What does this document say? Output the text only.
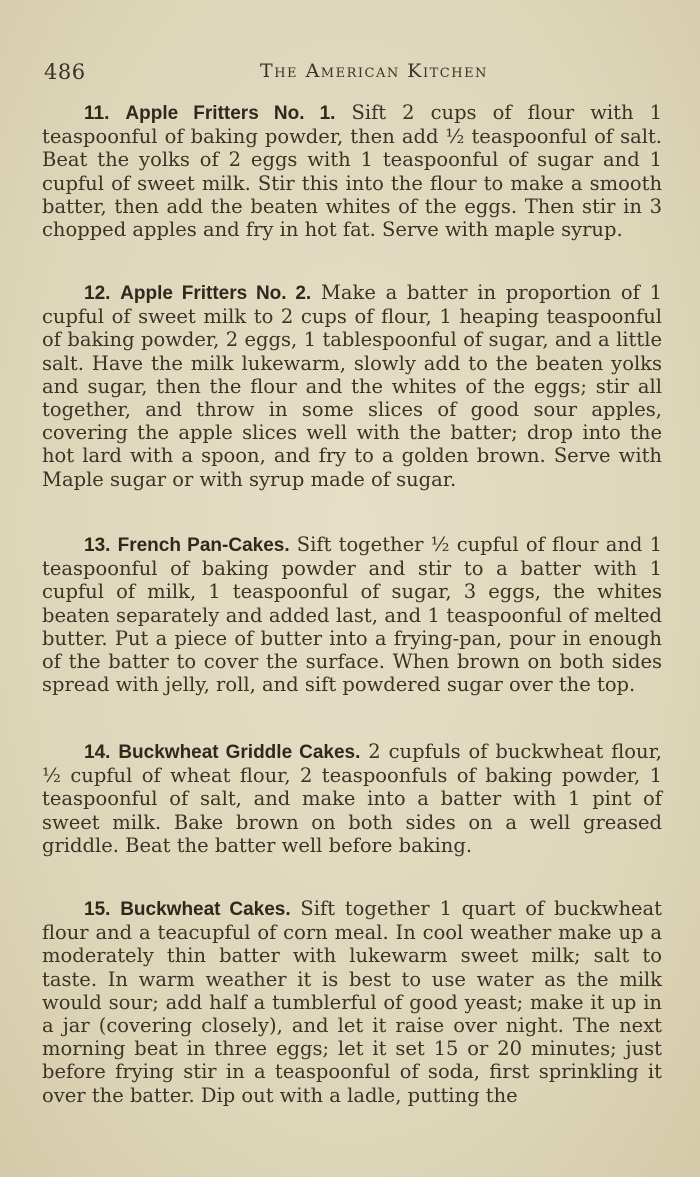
486	The American Kitchen

11. Apple Fritters No. 1. Sift 2 cups of flour with 1 teaspoonful of baking powder, then add ½ teaspoonful of salt. Beat the yolks of 2 eggs with 1 teaspoonful of sugar and 1 cupful of sweet milk. Stir this into the flour to make a smooth batter, then add the beaten whites of the eggs. Then stir in 3 chopped apples and fry in hot fat. Serve with maple syrup.

12. Apple Fritters No. 2. Make a batter in proportion of 1 cupful of sweet milk to 2 cups of flour, 1 heaping teaspoonful of baking powder, 2 eggs, 1 tablespoonful of sugar, and a little salt. Have the milk lukewarm, slowly add to the beaten yolks and sugar, then the flour and the whites of the eggs; stir all together, and throw in some slices of good sour apples, covering the apple slices well with the batter; drop into the hot lard with a spoon, and fry to a golden brown. Serve with Maple sugar or with syrup made of sugar.

13. French Pan-Cakes. Sift together ½ cupful of flour and 1 teaspoonful of baking powder and stir to a batter with 1 cupful of milk, 1 teaspoonful of sugar, 3 eggs, the whites beaten separately and added last, and 1 teaspoonful of melted butter. Put a piece of butter into a frying-pan, pour in enough of the batter to cover the surface. When brown on both sides spread with jelly, roll, and sift powdered sugar over the top.

14. Buckwheat Griddle Cakes. 2 cupfuls of buckwheat flour, ½ cupful of wheat flour, 2 teaspoonfuls of baking powder, 1 teaspoonful of salt, and make into a batter with 1 pint of sweet milk. Bake brown on both sides on a well greased griddle. Beat the batter well before baking.

15. Buckwheat Cakes. Sift together 1 quart of buckwheat flour and a teacupful of corn meal. In cool weather make up a moderately thin batter with lukewarm sweet milk; salt to taste. In warm weather it is best to use water as the milk would sour; add half a tumblerful of good yeast; make it up in a jar (covering closely), and let it raise over night. The next morning beat in three eggs; let it set 15 or 20 minutes; just before frying stir in a teaspoonful of soda, first sprinkling it over the batter. Dip out with a ladle, putting the
